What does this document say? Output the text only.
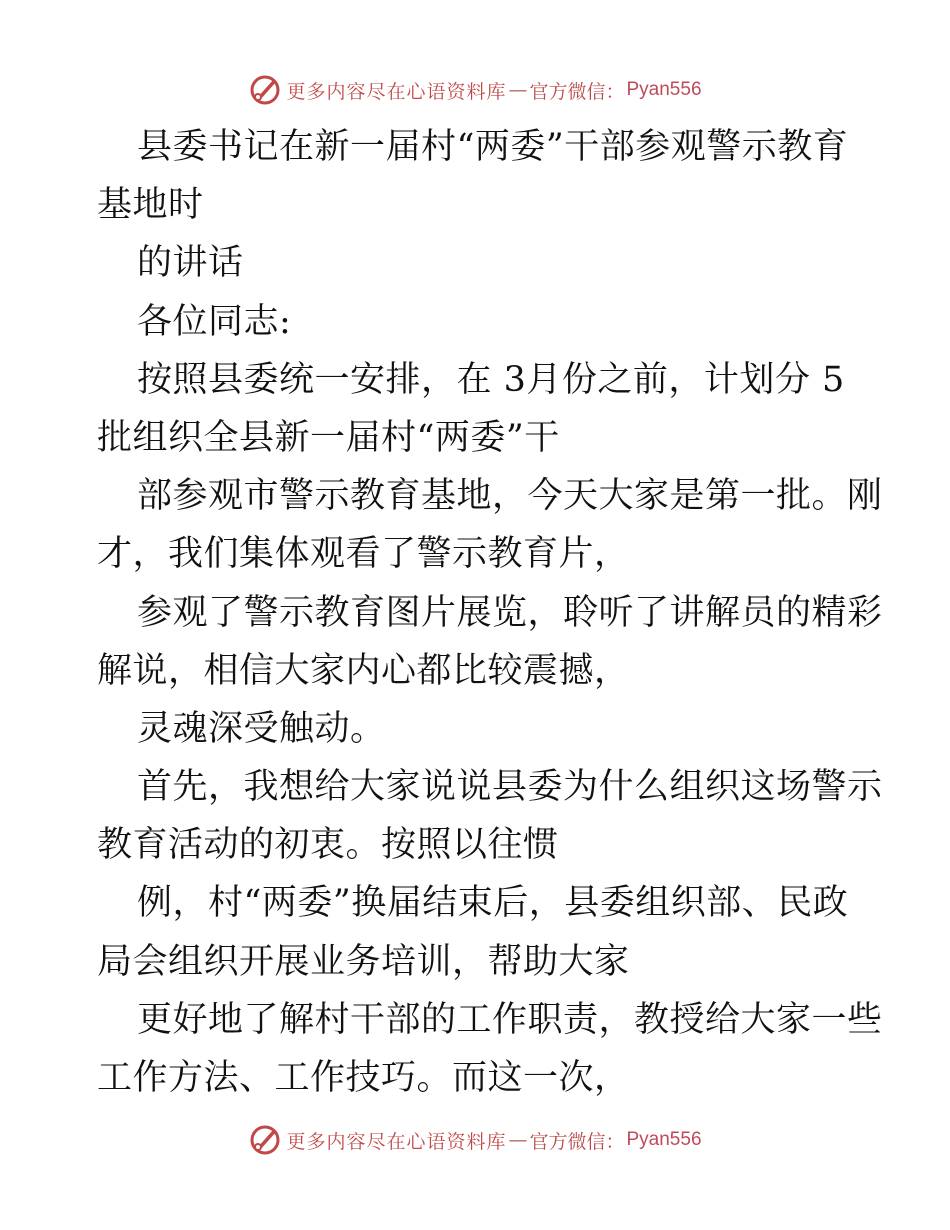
更多内容尽在心语资料库 — 官方微信： Pyan556
县委书记在新一届村“两委”干部参观警示教育
基地时
的讲话
各位同志:
按照县委统一安排，在 3月份之前，计划分 5
批组织全县新一届村“两委”干
部参观市警示教育基地，今天大家是第一批。刚
才，我们集体观看了警示教育片，
参观了警示教育图片展览，聆听了讲解员的精彩
解说，相信大家内心都比较震撼，
灵魂深受触动。
首先，我想给大家说说县委为什么组织这场警示
教育活动的初衷。按照以往惯
例，村“两委”换届结束后，县委组织部、民政
局会组织开展业务培训，帮助大家
更好地了解村干部的工作职责，教授给大家一些
工作方法、工作技巧。而这一次，
更多内容尽在心语资料库 — 官方微信： Pyan556
